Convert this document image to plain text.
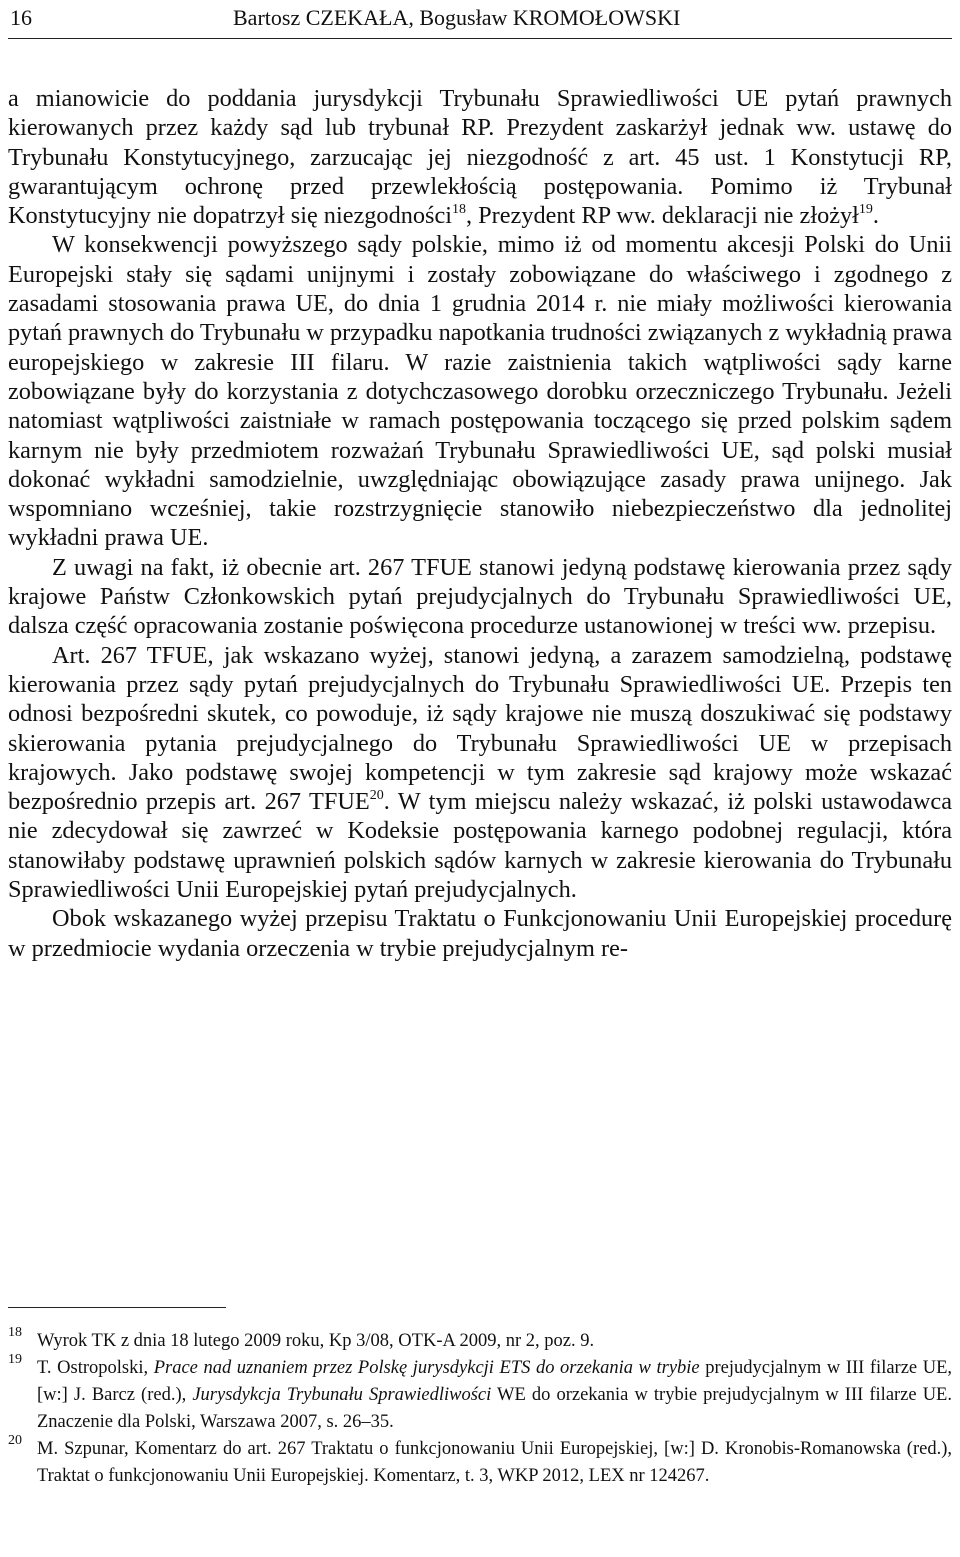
16	Bartosz CZEKAŁA, Bogusław KROMOŁOWSKI

a mianowicie do poddania jurysdykcji Trybunału Sprawiedliwości UE pytań prawnych kierowanych przez każdy sąd lub trybunał RP. Prezydent zaskarżył jednak ww. ustawę do Trybunału Konstytucyjnego, zarzucając jej niezgodność z art. 45 ust. 1 Konstytucji RP, gwarantującym ochronę przed przewlekłością postępowania. Pomimo iż Trybunał Konstytucyjny nie dopatrzył się niezgodności$^{18}$, Prezydent RP ww. deklaracji nie złożył$^{19}$.

W konsekwencji powyższego sądy polskie, mimo iż od momentu akcesji Polski do Unii Europejski stały się sądami unijnymi i zostały zobowiązane do właściwego i zgodnego z zasadami stosowania prawa UE, do dnia 1 grudnia 2014 r. nie miały możliwości kierowania pytań prawnych do Trybunału w przypadku napotkania trudności związanych z wykładnią prawa europejskiego w zakresie III filaru. W razie zaistnienia takich wątpliwości sądy karne zobowiązane były do korzystania z dotychczasowego dorobku orzeczniczego Trybunału. Jeżeli natomiast wątpliwości zaistniałe w ramach postępowania toczącego się przed polskim sądem karnym nie były przedmiotem rozważań Trybunału Sprawiedliwości UE, sąd polski musiał dokonać wykładni samodzielnie, uwzględniając obowiązujące zasady prawa unijnego. Jak wspomniano wcześniej, takie rozstrzygnięcie stanowiło niebezpieczeństwo dla jednolitej wykładni prawa UE.

Z uwagi na fakt, iż obecnie art. 267 TFUE stanowi jedyną podstawę kierowania przez sądy krajowe Państw Członkowskich pytań prejudycjalnych do Trybunału Sprawiedliwości UE, dalsza część opracowania zostanie poświęcona procedurze ustanowionej w treści ww. przepisu.

Art. 267 TFUE, jak wskazano wyżej, stanowi jedyną, a zarazem samodzielną, podstawę kierowania przez sądy pytań prejudycjalnych do Trybunału Sprawiedliwości UE. Przepis ten odnosi bezpośredni skutek, co powoduje, iż sądy krajowe nie muszą doszukiwać się podstawy skierowania pytania prejudycjalnego do Trybunału Sprawiedliwości UE w przepisach krajowych. Jako podstawę swojej kompetencji w tym zakresie sąd krajowy może wskazać bezpośrednio przepis art. 267 TFUE$^{20}$. W tym miejscu należy wskazać, iż polski ustawodawca nie zdecydował się zawrzeć w Kodeksie postępowania karnego podobnej regulacji, która stanowiłaby podstawę uprawnień polskich sądów karnych w zakresie kierowania do Trybunału Sprawiedliwości Unii Europejskiej pytań prejudycjalnych.

Obok wskazanego wyżej przepisu Traktatu o Funkcjonowaniu Unii Europejskiej procedurę w przedmiocie wydania orzeczenia w trybie prejudycjalnym re-

18 Wyrok TK z dnia 18 lutego 2009 roku, Kp 3/08, OTK-A 2009, nr 2, poz. 9.

19 T. Ostropolski, Prace nad uznaniem przez Polskę jurysdykcji ETS do orzekania w trybie prejudycjalnym w III filarze UE, [w:] J. Barcz (red.), Jurysdykcja Trybunału Sprawiedliwości WE do orzekania w trybie prejudycjalnym w III filarze UE. Znaczenie dla Polski, Warszawa 2007, s. 26–35.

20 M. Szpunar, Komentarz do art. 267 Traktatu o funkcjonowaniu Unii Europejskiej, [w:] D. Kronobis-Romanowska (red.), Traktat o funkcjonowaniu Unii Europejskiej. Komentarz, t. 3, WKP 2012, LEX nr 124267.
